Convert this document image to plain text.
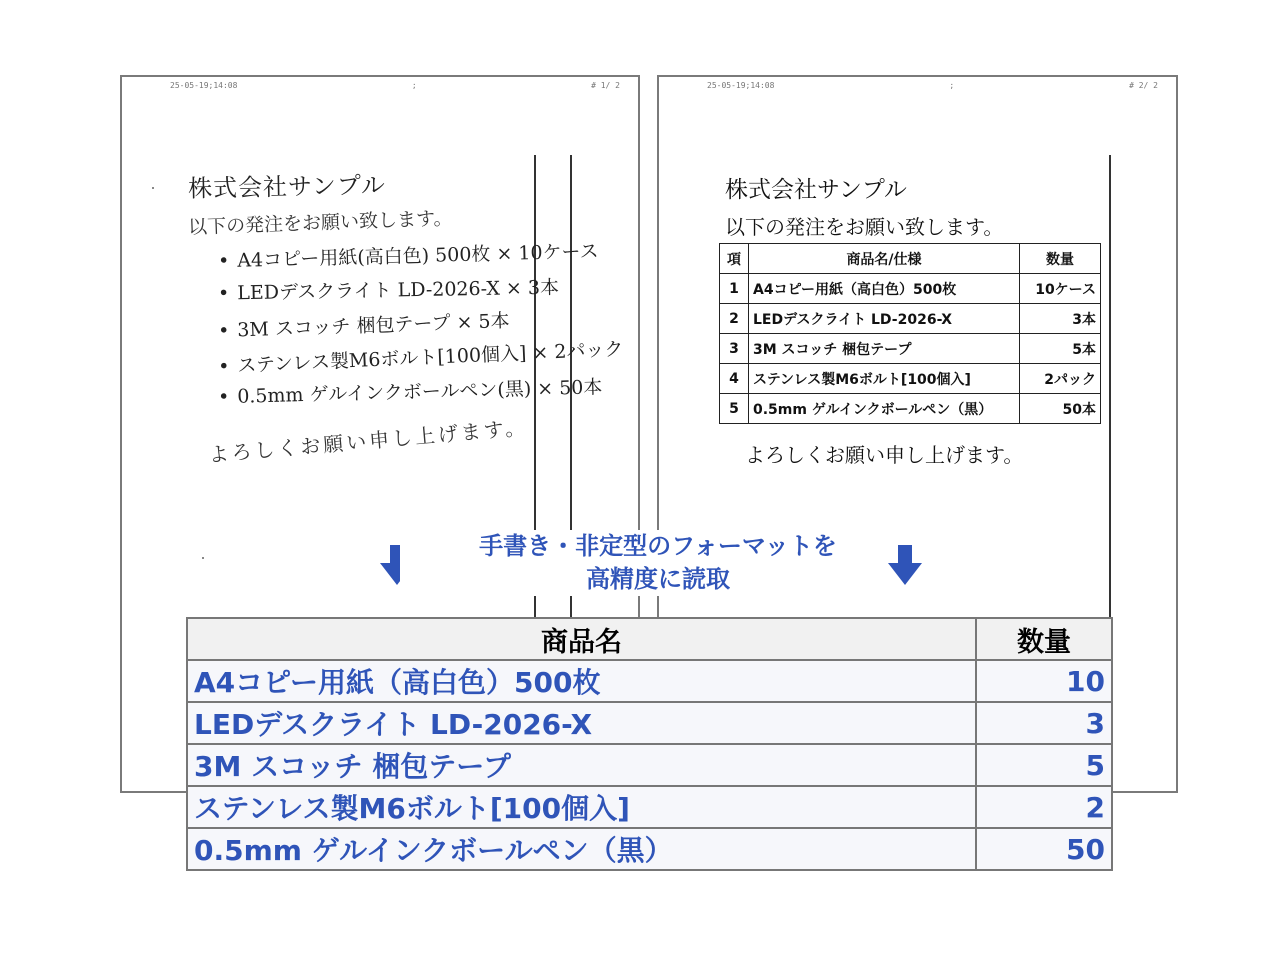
25-05-19;14:08	;	# 1/ 2
株式会社サンプル
以下の発注をお願い致します。
• A4コピー用紙(高白色) 500枚 × 10ケース
• LEDデスクライト LD-2026-X × 3本
• 3M スコッチ 梱包テープ × 5本
• ステンレス製M6ボルト[100個入] × 2パック
• 0.5mm ゲルインクボールペン(黒) × 50本
よろしくお願い申し上げます。
25-05-19;14:08	;	# 2/ 2
株式会社サンプル
以下の発注をお願い致します。
項	商品名/仕様	数量
1	A4コピー用紙（高白色）500枚	10ケース
2	LEDデスクライト LD-2026-X	3本
3	3M スコッチ 梱包テープ	5本
4	ステンレス製M6ボルト[100個入]	2パック
5	0.5mm ゲルインクボールペン（黒）	50本
よろしくお願い申し上げます。
手書き・非定型のフォーマットを
高精度に読取
商品名	数量
A4コピー用紙（高白色）500枚	10
LEDデスクライト LD-2026-X	3
3M スコッチ 梱包テープ	5
ステンレス製M6ボルト[100個入]	2
0.5mm ゲルインクボールペン（黒）	50
